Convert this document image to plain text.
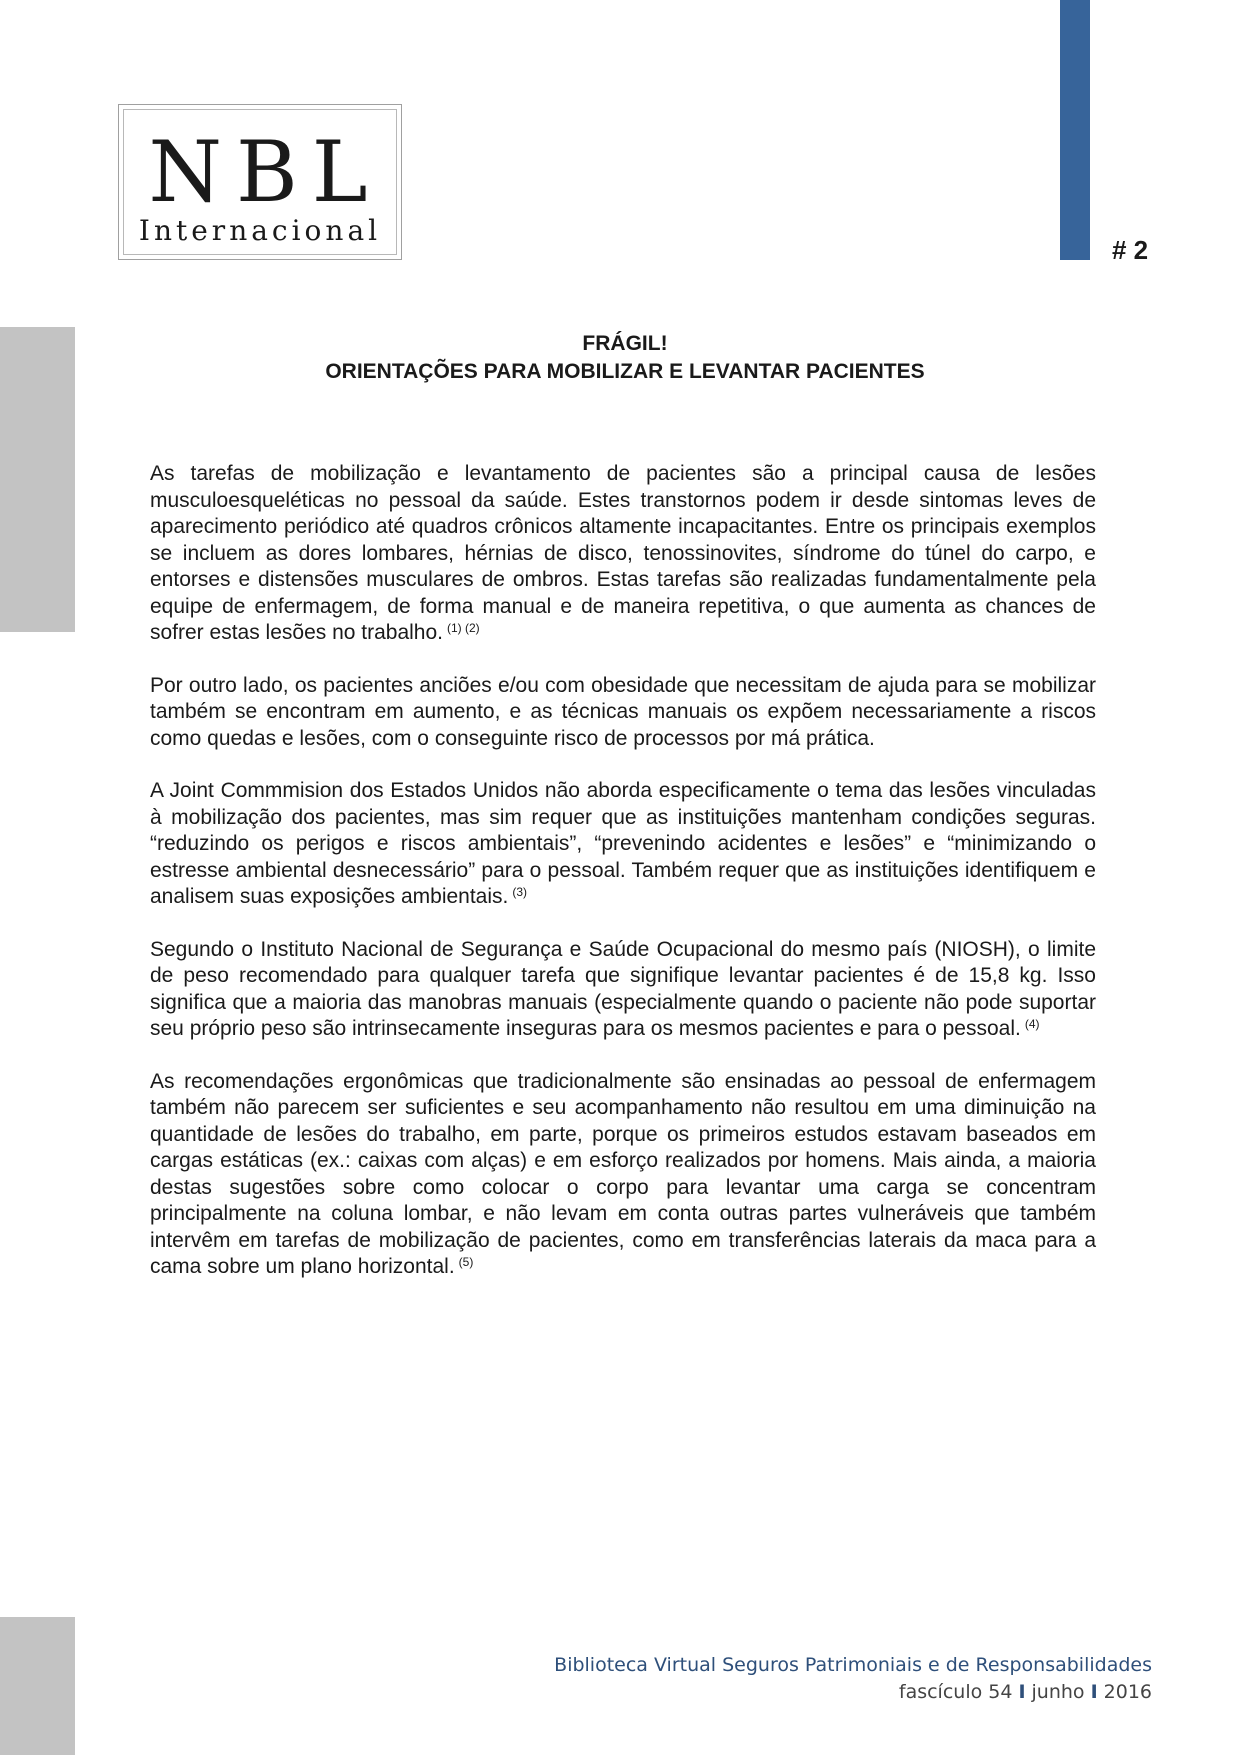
NBL
Internacional
# 2
FRÁGIL!
ORIENTAÇÕES PARA MOBILIZAR E LEVANTAR PACIENTES

As tarefas de mobilização e levantamento de pacientes são a principal causa de lesões musculoesqueléticas no pessoal da saúde. Estes transtornos podem ir desde sintomas leves de aparecimento periódico até quadros crônicos altamente incapacitantes. Entre os principais exemplos se incluem as dores lombares, hérnias de disco, tenossinovites, síndrome do túnel do carpo, e entorses e distensões musculares de ombros. Estas tarefas são realizadas fundamentalmente pela equipe de enfermagem, de forma manual e de maneira repetitiva, o que aumenta as chances de sofrer estas lesões no trabalho. $^{(1) (2)}$

Por outro lado, os pacientes anciões e/ou com obesidade que necessitam de ajuda para se mobilizar também se encontram em aumento, e as técnicas manuais os expõem necessariamente a riscos como quedas e lesões, com o conseguinte risco de processos por má prática.

A Joint Commmision dos Estados Unidos não aborda especificamente o tema das lesões vinculadas à mobilização dos pacientes, mas sim requer que as instituições mantenham condições seguras. “reduzindo os perigos e riscos ambientais”, “prevenindo acidentes e lesões” e “minimizando o estresse ambiental desnecessário” para o pessoal. Também requer que as instituições identifiquem e analisem suas exposições ambientais. $^{(3)}$

Segundo o Instituto Nacional de Segurança e Saúde Ocupacional do mesmo país (NIOSH), o limite de peso recomendado para qualquer tarefa que signifique levantar pacientes é de 15,8 kg. Isso significa que a maioria das manobras manuais (especialmente quando o paciente não pode suportar seu próprio peso são intrinsecamente inseguras para os mesmos pacientes e para o pessoal. $^{(4)}$

As recomendações ergonômicas que tradicionalmente são ensinadas ao pessoal de enfermagem também não parecem ser suficientes e seu acompanhamento não resultou em uma diminuição na quantidade de lesões do trabalho, em parte, porque os primeiros estudos estavam baseados em cargas estáticas (ex.: caixas com alças) e em esforço realizados por homens. Mais ainda, a maioria destas sugestões sobre como colocar o corpo para levantar uma carga se concentram principalmente na coluna lombar, e não levam em conta outras partes vulneráveis que também intervêm em tarefas de mobilização de pacientes, como em transferências laterais da maca para a cama sobre um plano horizontal. $^{(5)}$

Biblioteca Virtual Seguros Patrimoniais e de Responsabilidades
fascículo 54 I junho I 2016
